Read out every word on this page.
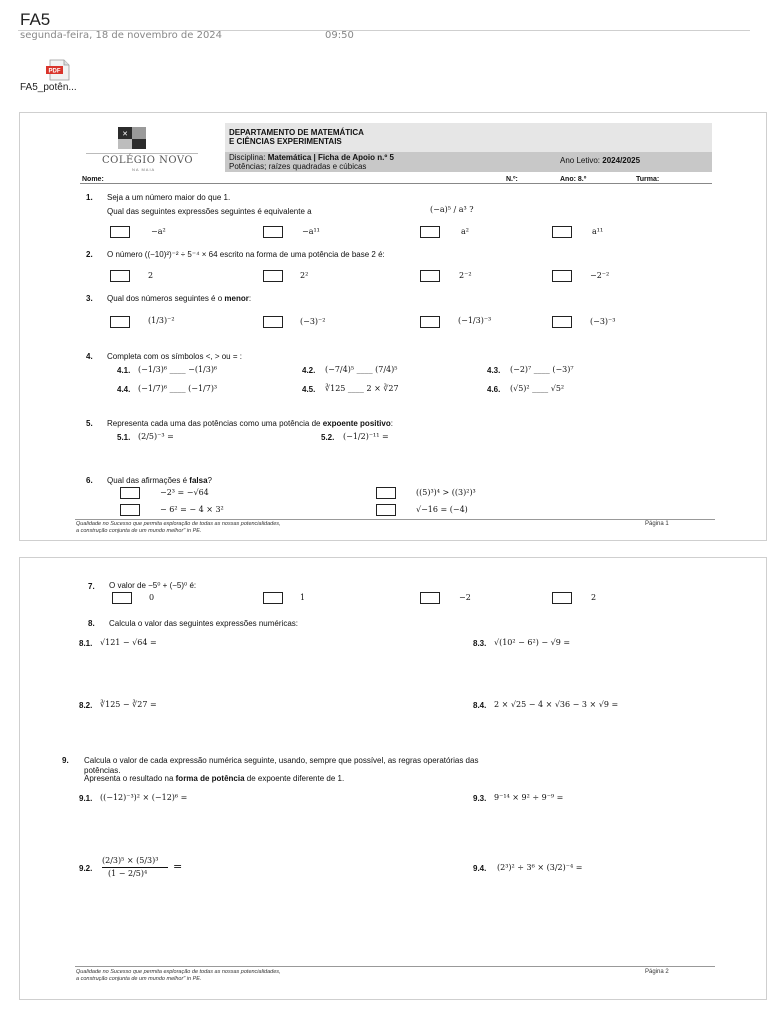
FA5
segunda-feira, 18 de novembro de 2024	09:50
PDF
FA5_potên...
✕
COLÉGIO NOVO
NA MAIA
DEPARTAMENTO DE MATEMÁTICA
E CIÊNCIAS EXPERIMENTAIS
Disciplina: Matemática | Ficha de Apoio n.º 5
Potências; raízes quadradas e cúbicas
Ano Letivo: 2024/2025
Nome:	N.º:	Ano: 8.º	Turma:
1. Seja a um número maior do que 1.
Qual das seguintes expressões seguintes é equivalente a	(−a)⁵ / a³ ?
−a²	−a¹¹	a²	a¹¹
2. O número ((−10)²)⁻² ÷ 5⁻⁴ × 64 escrito na forma de uma potência de base 2 é:
2	2²	2⁻²	−2⁻²
3. Qual dos números seguintes é o menor:
(1/3)⁻²	(−3)⁻²	(−1/3)⁻³	(−3)⁻³
4. Completa com os símbolos <, > ou = :
4.1. (−1/3)⁶ ____ −(1/3)⁶	4.2. (−7/4)⁵ ____ (7/4)⁵	4.3. (−2)⁷ ____ (−3)⁷
4.4. (−1/7)⁶ ____ (−1/7)³	4.5. ∛125 ____ 2 × ∛27	4.6. (√5)² ____ √5²
5. Representa cada uma das potências como uma potência de expoente positivo:
5.1. (2/5)⁻³ =	5.2. (−1/2)⁻¹¹ =
6. Qual das afirmações é falsa?
−2³ = −√64	((5)³)⁴ > ((3)²)³
− 6² = − 4 × 3²	√−16 = (−4)
Qualidade no Sucesso que permita exploração de todas as nossas potencialidades,
a construção conjunta de um mundo melhor" in PE.
Página 1
7. O valor de −5⁰ + (−5)⁰ é:
0	1	−2	2
8. Calcula o valor das seguintes expressões numéricas:
8.1. √121 − √64 =	8.3. √(10² − 6²) − √9 =
8.2. ∛125 − ∛27 =	8.4. 2 × √25 − 4 × √36 − 3 × √9 =
9. Calcula o valor de cada expressão numérica seguinte, usando, sempre que possível, as regras operatórias das
potências.
Apresenta o resultado na forma de potência de expoente diferente de 1.
9.1. ((−12)⁻³)² × (−12)⁶ =	9.3. 9⁻¹⁴ × 9² ÷ 9⁻⁹ =
9.2.
(2/3)⁵ × (5/3)³
(1 − 2/5)⁴
=	9.4. (2³)² ÷ 3⁶ × (3/2)⁻⁴ =
Qualidade no Sucesso que permita exploração de todas as nossas potencialidades,
a construção conjunta de um mundo melhor" in PE.
Página 2
